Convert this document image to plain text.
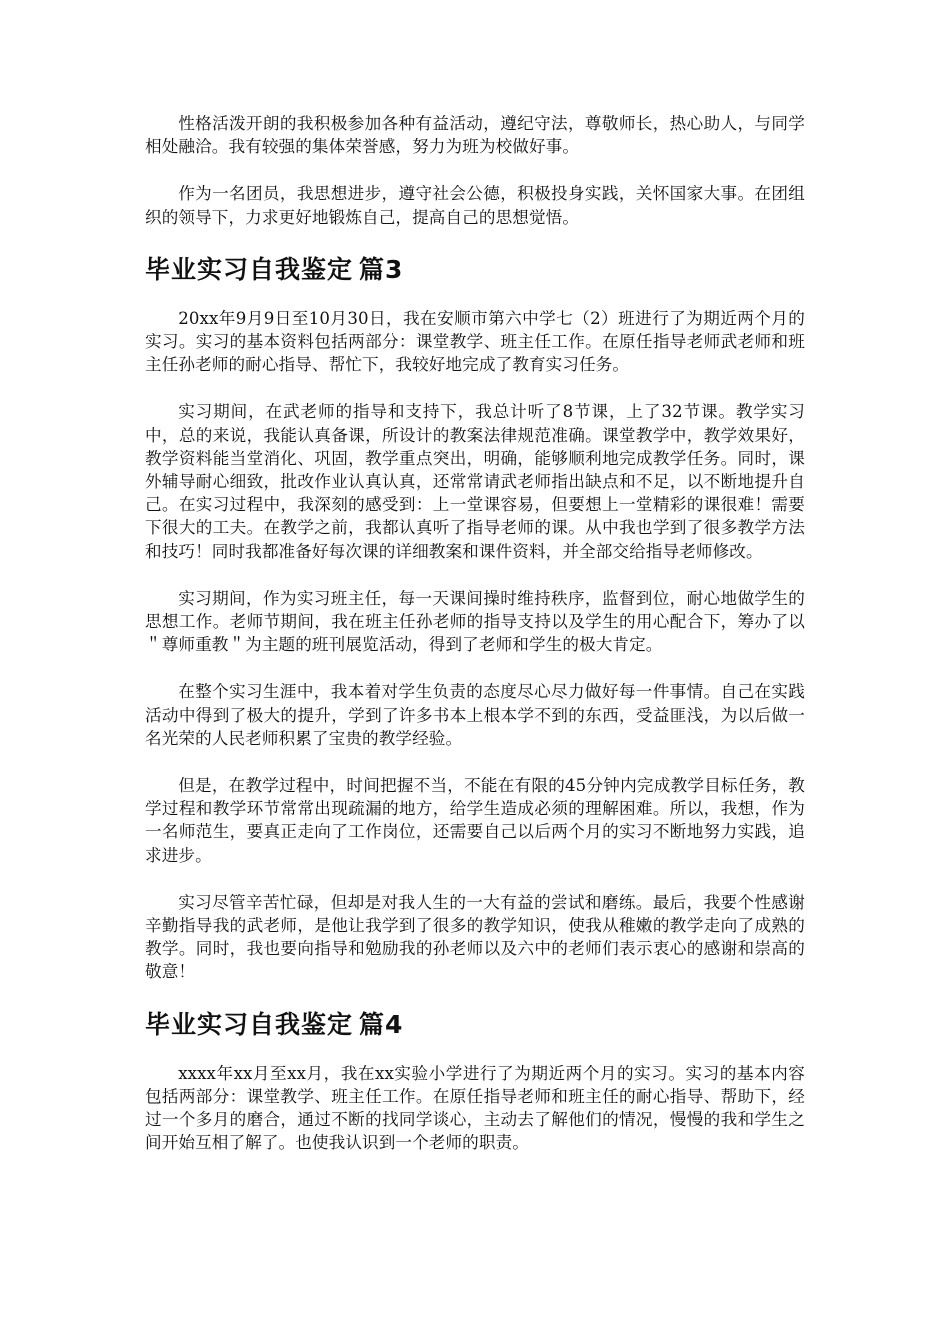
性格活泼开朗的我积极参加各种有益活动，遵纪守法，尊敬师长，热心助人，与同学相处融洽。我有较强的集体荣誉感，努力为班为校做好事。

作为一名团员，我思想进步，遵守社会公德，积极投身实践，关怀国家大事。在团组织的领导下，力求更好地锻炼自己，提高自己的思想觉悟。

毕业实习自我鉴定 篇3

20xx年9月9日至10月30日，我在安顺市第六中学七（2）班进行了为期近两个月的实习。实习的基本资料包括两部分：课堂教学、班主任工作。在原任指导老师武老师和班主任孙老师的耐心指导、帮忙下，我较好地完成了教育实习任务。

实习期间，在武老师的指导和支持下，我总计听了8节课，上了32节课。教学实习中，总的来说，我能认真备课，所设计的教案法律规范准确。课堂教学中，教学效果好，教学资料能当堂消化、巩固，教学重点突出，明确，能够顺利地完成教学任务。同时，课外辅导耐心细致，批改作业认真认真，还常常请武老师指出缺点和不足，以不断地提升自己。在实习过程中，我深刻的感受到：上一堂课容易，但要想上一堂精彩的课很难！需要下很大的工夫。在教学之前，我都认真听了指导老师的课。从中我也学到了很多教学方法和技巧！同时我都准备好每次课的详细教案和课件资料，并全部交给指导老师修改。

实习期间，作为实习班主任，每一天课间操时维持秩序，监督到位，耐心地做学生的思想工作。老师节期间，我在班主任孙老师的指导支持以及学生的用心配合下，筹办了以＂尊师重教＂为主题的班刊展览活动，得到了老师和学生的极大肯定。

在整个实习生涯中，我本着对学生负责的态度尽心尽力做好每一件事情。自己在实践活动中得到了极大的提升，学到了许多书本上根本学不到的东西，受益匪浅，为以后做一名光荣的人民老师积累了宝贵的教学经验。

但是，在教学过程中，时间把握不当，不能在有限的45分钟内完成教学目标任务，教学过程和教学环节常常出现疏漏的地方，给学生造成必须的理解困难。所以，我想，作为一名师范生，要真正走向了工作岗位，还需要自己以后两个月的实习不断地努力实践，追求进步。

实习尽管辛苦忙碌，但却是对我人生的一大有益的尝试和磨练。最后，我要个性感谢辛勤指导我的武老师，是他让我学到了很多的教学知识，使我从稚嫩的教学走向了成熟的教学。同时，我也要向指导和勉励我的孙老师以及六中的老师们表示衷心的感谢和崇高的敬意！

毕业实习自我鉴定 篇4

xxxx年xx月至xx月，我在xx实验小学进行了为期近两个月的实习。实习的基本内容包括两部分：课堂教学、班主任工作。在原任指导老师和班主任的耐心指导、帮助下，经过一个多月的磨合，通过不断的找同学谈心，主动去了解他们的情况，慢慢的我和学生之间开始互相了解了。也使我认识到一个老师的职责。
